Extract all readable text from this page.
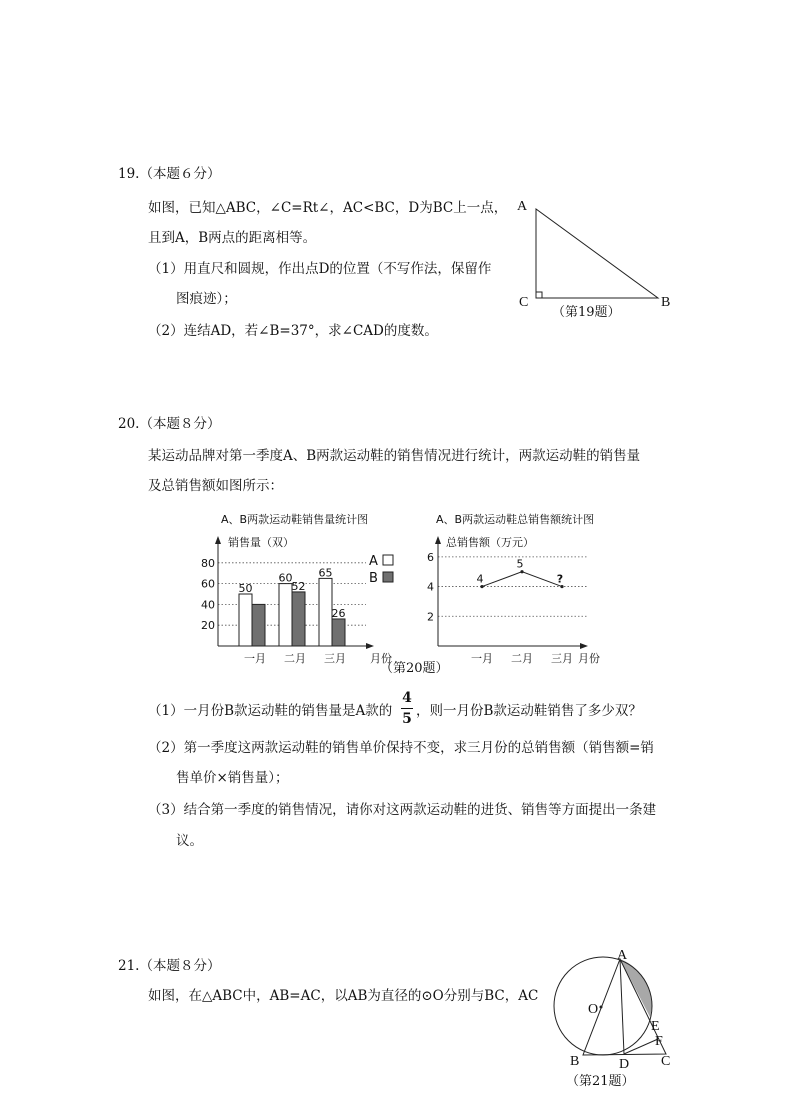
19.（本题６分）
如图，已知△ABC，∠C=Rt∠，AC<BC，D为BC上一点，
且到A，B两点的距离相等。
（1）用直尺和圆规，作出点D的位置（不写作法，保留作
图痕迹）；
（2）连结AD，若∠B=37°，求∠CAD的度数。
A
C	B
（第19题）
20.（本题８分）
某运动品牌对第一季度A、B两款运动鞋的销售情况进行统计，两款运动鞋的销售量
及总销售额如图所示：
A、B两款运动鞋销售量统计图
20
40
60
80
销售量（双）
月份
一月
50
二月
60
52
三月
65
26
A
B
A、B两款运动鞋总销售额统计图
2
4
6
总销售额（万元）
月份
一月
4
二月
5
三月
?
（第20题）
（1）一月份B款运动鞋的销售量是A款的
4
5 ，则一月份B款运动鞋销售了多少双？
（2）第一季度这两款运动鞋的销售单价保持不变，求三月份的总销售额（销售额=销
售单价×销售量）；
（3）结合第一季度的销售情况，请你对这两款运动鞋的进货、销售等方面提出一条建
议。
21.（本题８分）
如图，在△ABC中，AB=AC，以AB为直径的⊙O分别与BC，AC
A
O
E
F
B	D C
（第21题）
